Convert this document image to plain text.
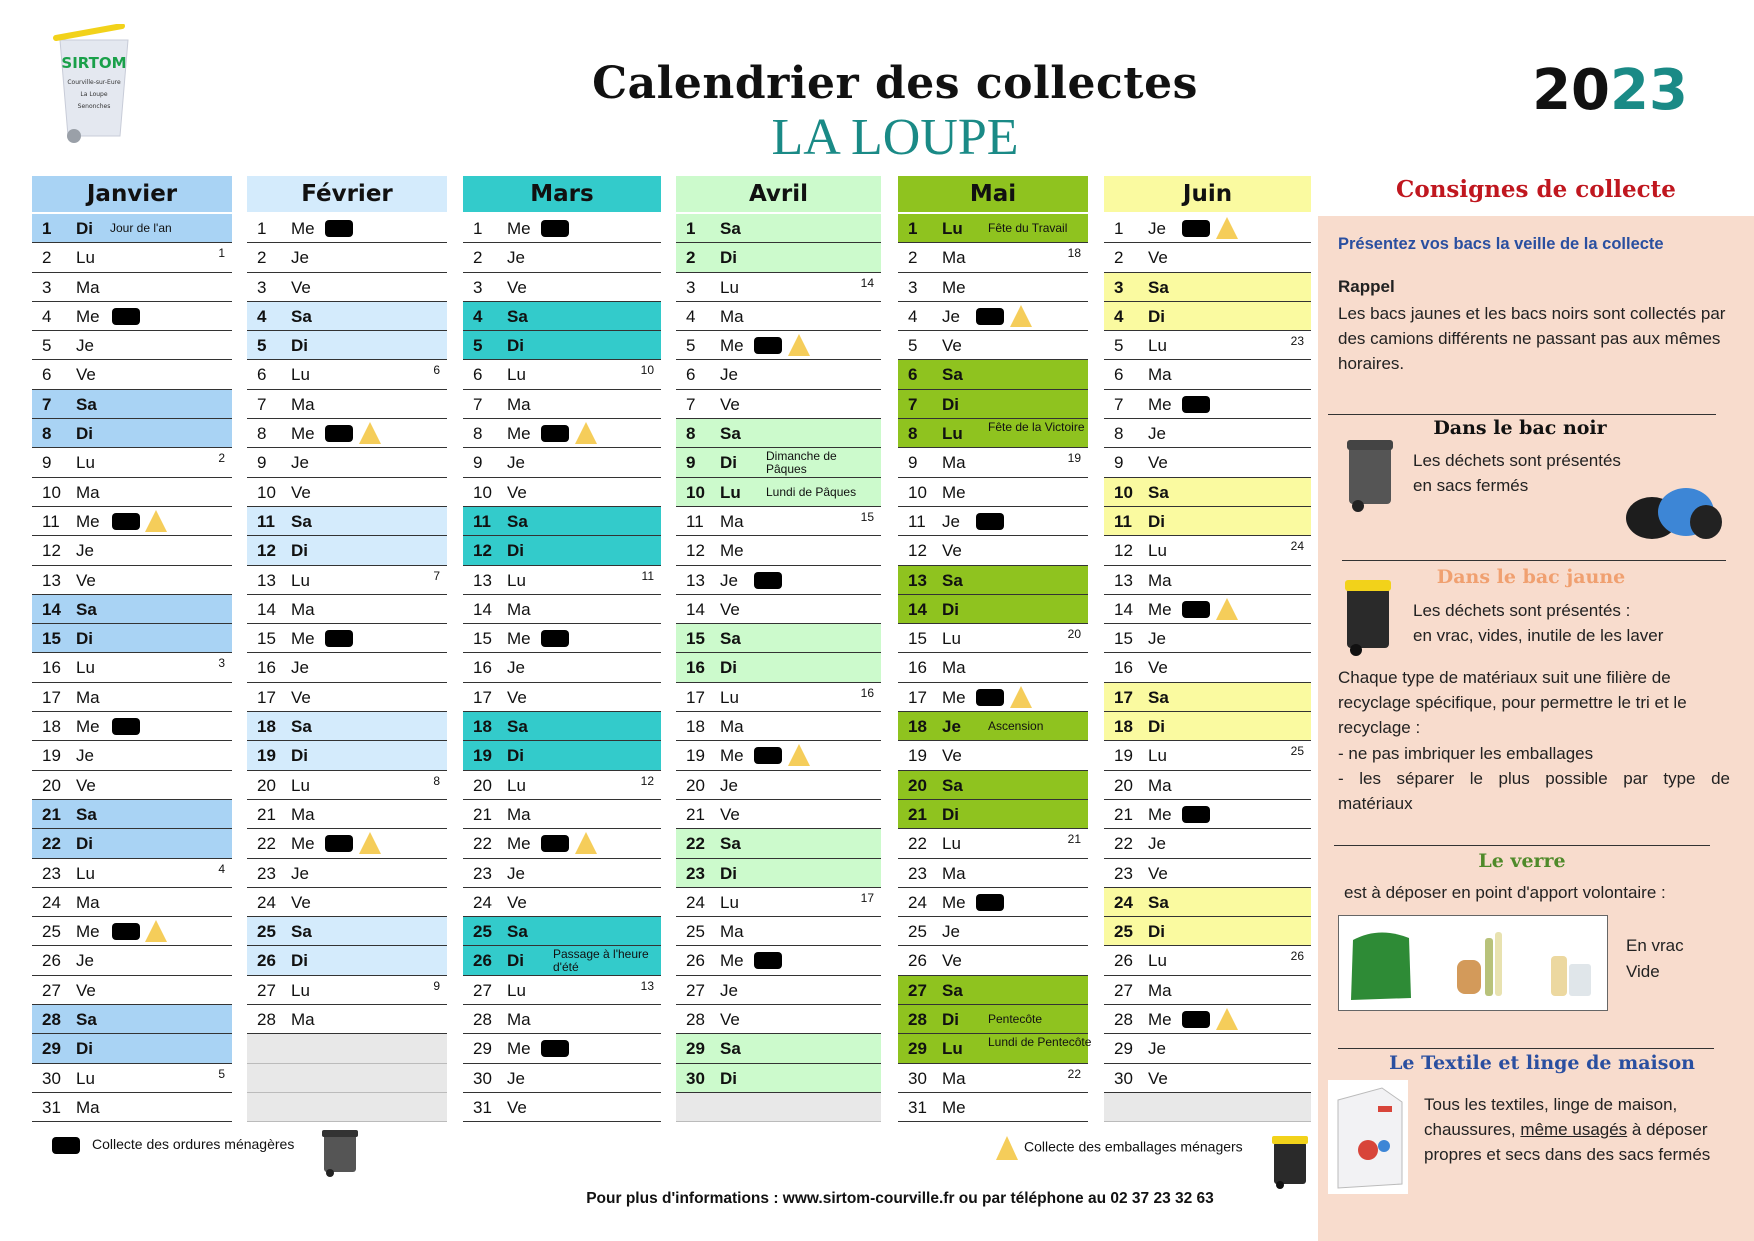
SIRTOM
Courville-sur-Eure
La Loupe
Senonches	Calendrier des collectes
LA LOUPE
2023
Janvier
1	Di Jour de l'an
2	Lu	1
3	Ma
4	Me
5	Je
6	Ve
7	Sa
8	Di
9	Lu	2
10 Ma
11 Me
12 Je
13 Ve
14 Sa
15 Di
16 Lu	3
17 Ma
18 Me
19 Je
20 Ve
21 Sa
22 Di
23 Lu	4
24 Ma
25 Me
26 Je
27 Ve
28 Sa
29 Di
30 Lu	5
31 Ma
Février
1	Me
2	Je
3	Ve
4	Sa
5	Di
6	Lu	6
7	Ma
8	Me
9	Je
10 Ve
11 Sa
12 Di
13 Lu	7
14 Ma
15 Me
16 Je
17 Ve
18 Sa
19 Di
20 Lu	8
21 Ma
22 Me
23 Je
24 Ve
25 Sa
26 Di
27 Lu	9
28 Ma
Mars
1	Me
2	Je
3	Ve
4	Sa
5	Di
6	Lu	10
7	Ma
8	Me
9	Je
10 Ve
11 Sa
12 Di
13 Lu	11
14 Ma
15 Me
16 Je
17 Ve
18 Sa
19 Di
20 Lu	12
21 Ma
22 Me
23 Je
24 Ve
25 Sa
26 Di Passage à l'heure d'été
27 Lu	13
28 Ma
29 Me
30 Je
31 Ve
Avril
1	Sa
2	Di
3	Lu	14
4	Ma
5	Me
6	Je
7	Ve
8	Sa
9	Di Dimanche de Pâques
10 Lu Lundi de Pâques
11 Ma	15
12 Me
13 Je
14 Ve
15 Sa
16 Di
17 Lu	16
18 Ma
19 Me
20 Je
21 Ve
22 Sa
23 Di
24 Lu	17
25 Ma
26 Me
27 Je
28 Ve
29 Sa
30 Di
Mai
1	Lu Fête du Travail
2	Ma	18
3	Me
4	Je
5	Ve
6	Sa
7	Di
8	Lu Fête de la Victoire
9	Ma	19
10 Me
11 Je
12 Ve
13 Sa
14 Di
15 Lu	20
16 Ma
17 Me
18 Je Ascension
19 Ve
20 Sa
21 Di
22 Lu	21
23 Ma
24 Me
25 Je
26 Ve
27 Sa
28 Di Pentecôte
29 Lu Lundi de Pentecôte
30 Ma	22
31 Me
Juin
1	Je
2	Ve
3	Sa
4	Di
5	Lu	23
6	Ma
7	Me
8	Je
9	Ve
10 Sa
11 Di
12 Lu	24
13 Ma
14 Me
15 Je
16 Ve
17 Sa
18 Di
19 Lu	25
20 Ma
21 Me
22 Je
23 Ve
24 Sa
25 Di
26 Lu	26
27 Ma
28 Me
29 Je
30 Ve
Collecte des ordures ménagères	Collecte des emballages ménagers
Pour plus d'informations : www.sirtom-courville.fr ou par téléphone au 02 37 23 32 63
Consignes de collecte
Présentez vos bacs la veille de la collecte
Rappel
Les bacs jaunes et les bacs noirs sont collectés par des camions différents ne passant pas aux mêmes horaires.
Dans le bac noir
Les déchets sont présentés en sacs fermés
Dans le bac jaune
Les déchets sont présentés :
en vrac, vides, inutile de les laver
Chaque type de matériaux suit une filière de recyclage spécifique, pour permettre le tri et le recyclage :
- ne pas imbriquer les emballages
- les séparer le plus possible par type de matériaux
Le verre
est à déposer en point d'apport volontaire :
En vrac
Vide
Le Textile et linge de maison
Tous les textiles, linge de maison, chaussures, même usagés à déposer propres et secs dans des sacs fermés
